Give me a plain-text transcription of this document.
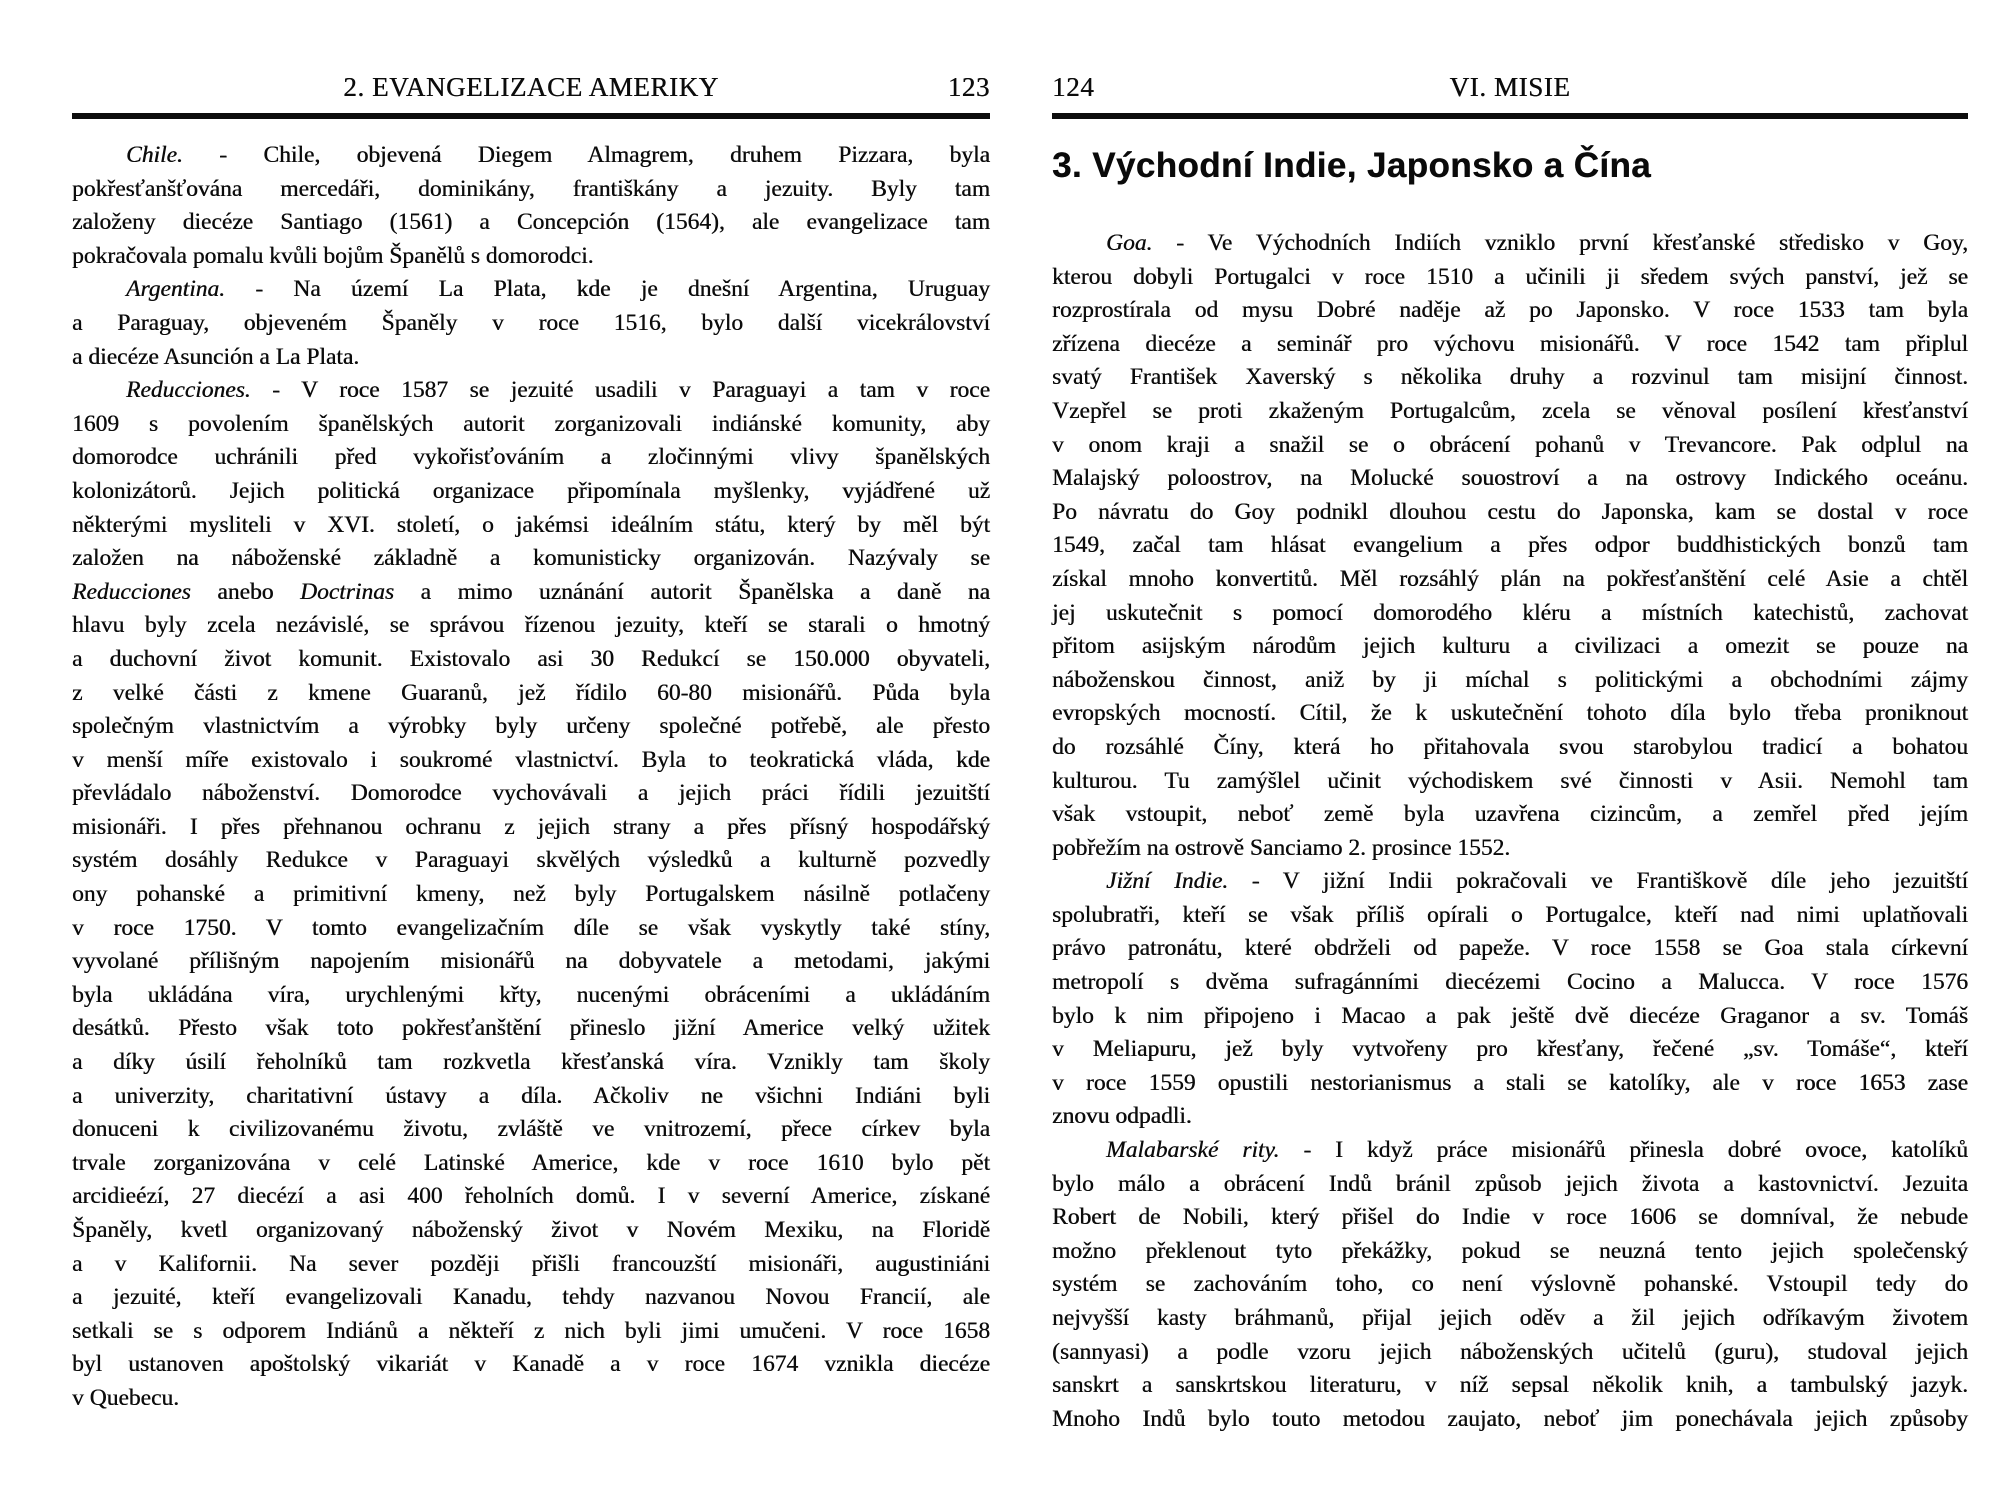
2. EVANGELIZACE AMERIKY	123

Chile. - Chile, objevená Diegem Almagrem, druhem Pizzara, byla
pokřesťanšťována mercedáři, dominikány, františkány a jezuity. Byly tam
založeny diecéze Santiago (1561) a Concepción (1564), ale evangelizace tam
pokračovala pomalu kvůli bojům Španělů s domorodci.

Argentina. - Na území La Plata, kde je dnešní Argentina, Uruguay
a Paraguay, objeveném Španěly v roce 1516, bylo další vicekrálovství
a diecéze Asunción a La Plata.

Reducciones. - V roce 1587 se jezuité usadili v Paraguayi a tam v roce
1609 s povolením španělských autorit zorganizovali indiánské komunity, aby
domorodce uchránili před vykořisťováním a zločinnými vlivy španělských
kolonizátorů. Jejich politická organizace připomínala myšlenky, vyjádřené už
některými mysliteli v XVI. století, o jakémsi ideálním státu, který by měl být
založen na náboženské základně a komunisticky organizován. Nazývaly se
Reducciones anebo Doctrinas a mimo uznánání autorit Španělska a daně na
hlavu byly zcela nezávislé, se správou řízenou jezuity, kteří se starali o hmotný
a duchovní život komunit. Existovalo asi 30 Redukcí se 150.000 obyvateli,
z velké části z kmene Guaranů, jež řídilo 60-80 misionářů. Půda byla
společným vlastnictvím a výrobky byly určeny společné potřebě, ale přesto
v menší míře existovalo i soukromé vlastnictví. Byla to teokratická vláda, kde
převládalo náboženství. Domorodce vychovávali a jejich práci řídili jezuitští
misionáři. I přes přehnanou ochranu z jejich strany a přes přísný hospodářský
systém dosáhly Redukce v Paraguayi skvělých výsledků a kulturně pozvedly
ony pohanské a primitivní kmeny, než byly Portugalskem násilně potlačeny
v roce 1750. V tomto evangelizačním díle se však vyskytly také stíny,
vyvolané přílišným napojením misionářů na dobyvatele a metodami, jakými
byla ukládána víra, urychlenými křty, nucenými obráceními a ukládáním
desátků. Přesto však toto pokřesťanštění přineslo jižní Americe velký užitek
a díky úsilí řeholníků tam rozkvetla křesťanská víra. Vznikly tam školy
a univerzity, charitativní ústavy a díla. Ačkoliv ne všichni Indiáni byli
donuceni k civilizovanému životu, zvláště ve vnitrozemí, přece církev byla
trvale zorganizována v celé Latinské Americe, kde v roce 1610 bylo pět
arcidieézí, 27 diecézí a asi 400 řeholních domů. I v severní Americe, získané
Španěly, kvetl organizovaný náboženský život v Novém Mexiku, na Floridě
a v Kalifornii. Na sever později přišli francouzští misionáři, augustiniáni
a jezuité, kteří evangelizovali Kanadu, tehdy nazvanou Novou Francií, ale
setkali se s odporem Indiánů a někteří z nich byli jimi umučeni. V roce 1658
byl ustanoven apoštolský vikariát v Kanadě a v roce 1674 vznikla diecéze
v Quebecu.

124	VI. MISIE
3. Východní Indie, Japonsko a Čína

Goa. - Ve Východních Indiích vzniklo první křesťanské středisko v Goy,
kterou dobyli Portugalci v roce 1510 a učinili ji sředem svých panství, jež se
rozprostírala od mysu Dobré naděje až po Japonsko. V roce 1533 tam byla
zřízena diecéze a seminář pro výchovu misionářů. V roce 1542 tam připlul
svatý František Xaverský s několika druhy a rozvinul tam misijní činnost.
Vzepřel se proti zkaženým Portugalcům, zcela se věnoval posílení křesťanství
v onom kraji a snažil se o obrácení pohanů v Trevancore. Pak odplul na
Malajský poloostrov, na Molucké souostroví a na ostrovy Indického oceánu.
Po návratu do Goy podnikl dlouhou cestu do Japonska, kam se dostal v roce
1549, začal tam hlásat evangelium a přes odpor buddhistických bonzů tam
získal mnoho konvertitů. Měl rozsáhlý plán na pokřesťanštění celé Asie a chtěl
jej uskutečnit s pomocí domorodého kléru a místních katechistů, zachovat
přitom asijským národům jejich kulturu a civilizaci a omezit se pouze na
náboženskou činnost, aniž by ji míchal s politickými a obchodními zájmy
evropských mocností. Cítil, že k uskutečnění tohoto díla bylo třeba proniknout
do rozsáhlé Číny, která ho přitahovala svou starobylou tradicí a bohatou
kulturou. Tu zamýšlel učinit východiskem své činnosti v Asii. Nemohl tam
však vstoupit, neboť země byla uzavřena cizincům, a zemřel před jejím
pobřežím na ostrově Sanciamo 2. prosince 1552.

Jižní Indie. - V jižní Indii pokračovali ve Františkově díle jeho jezuitští
spolubratři, kteří se však příliš opírali o Portugalce, kteří nad nimi uplatňovali
právo patronátu, které obdrželi od papeže. V roce 1558 se Goa stala církevní
metropolí s dvěma sufragánními diecézemi Cocino a Malucca. V roce 1576
bylo k nim připojeno i Macao a pak ještě dvě diecéze Graganor a sv. Tomáš
v Meliapuru, jež byly vytvořeny pro křesťany, řečené „sv. Tomáše“, kteří
v roce 1559 opustili nestorianismus a stali se katolíky, ale v roce 1653 zase
znovu odpadli.

Malabarské rity. - I když práce misionářů přinesla dobré ovoce, katolíků
bylo málo a obrácení Indů bránil způsob jejich života a kastovnictví. Jezuita
Robert de Nobili, který přišel do Indie v roce 1606 se domníval, že nebude
možno překlenout tyto překážky, pokud se neuzná tento jejich společenský
systém se zachováním toho, co není výslovně pohanské. Vstoupil tedy do
nejvyšší kasty bráhmanů, přijal jejich oděv a žil jejich odříkavým životem
(sannyasi) a podle vzoru jejich náboženských učitelů (guru), studoval jejich
sanskrt a sanskrtskou literaturu, v níž sepsal několik knih, a tambulský jazyk.
Mnoho Indů bylo touto metodou zaujato, neboť jim ponechávala jejich způsoby
